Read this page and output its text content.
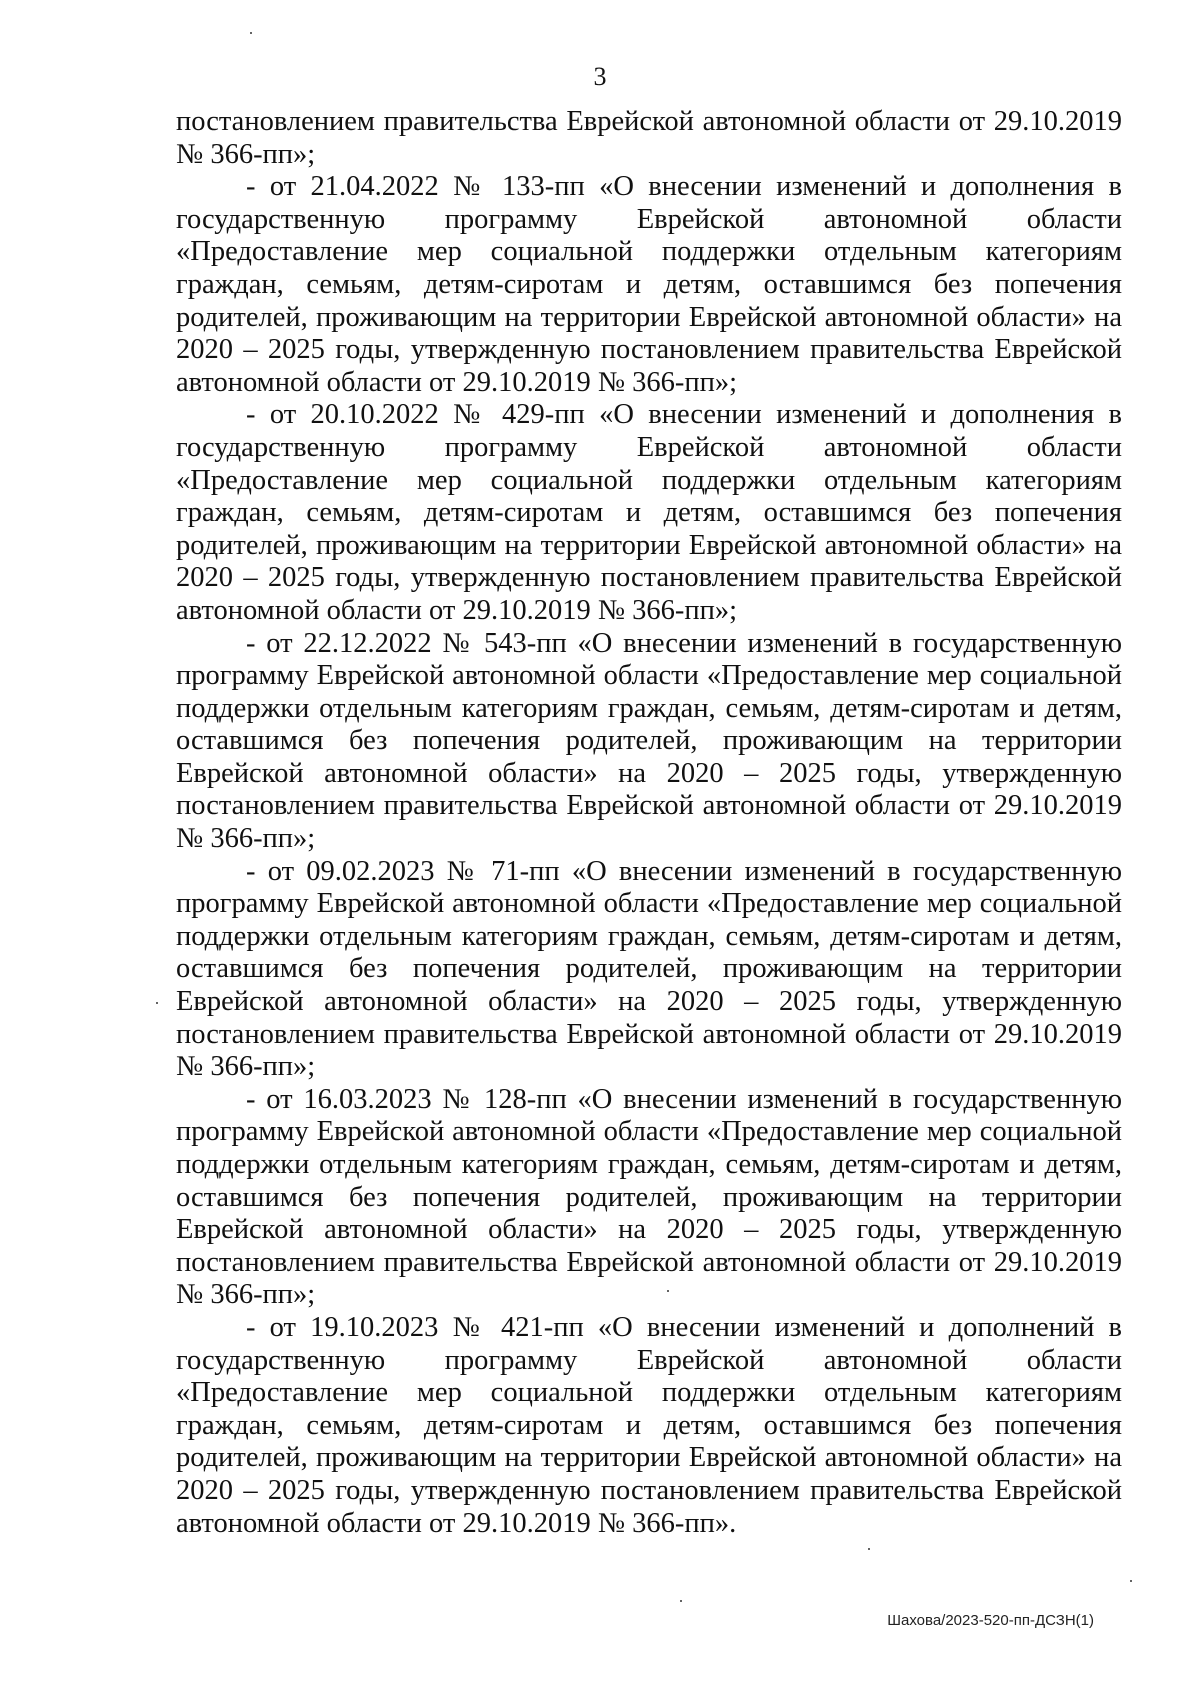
3

постановлением правительства Еврейской автономной области от 29.10.2019 № 366-пп»;

- от 21.04.2022 № 133-пп «О внесении изменений и дополнения в государственную программу Еврейской автономной области «Предоставление мер социальной поддержки отдельным категориям граждан, семьям, детям-сиротам и детям, оставшимся без попечения родителей, проживающим на территории Еврейской автономной области» на 2020 – 2025 годы, утвержденную постановлением правительства Еврейской автономной области от 29.10.2019 № 366-пп»;

- от 20.10.2022 № 429-пп «О внесении изменений и дополнения в государственную программу Еврейской автономной области «Предоставление мер социальной поддержки отдельным категориям граждан, семьям, детям-сиротам и детям, оставшимся без попечения родителей, проживающим на территории Еврейской автономной области» на 2020 – 2025 годы, утвержденную постановлением правительства Еврейской автономной области от 29.10.2019 № 366-пп»;

- от 22.12.2022 № 543-пп «О внесении изменений в государственную программу Еврейской автономной области «Предоставление мер социальной поддержки отдельным категориям граждан, семьям, детям-сиротам и детям, оставшимся без попечения родителей, проживающим на территории Еврейской автономной области» на 2020 – 2025 годы, утвержденную постановлением правительства Еврейской автономной области от 29.10.2019 № 366-пп»;

- от 09.02.2023 № 71-пп «О внесении изменений в государственную программу Еврейской автономной области «Предоставление мер социальной поддержки отдельным категориям граждан, семьям, детям-сиротам и детям, оставшимся без попечения родителей, проживающим на территории Еврейской автономной области» на 2020 – 2025 годы, утвержденную постановлением правительства Еврейской автономной области от 29.10.2019 № 366-пп»;

- от 16.03.2023 № 128-пп «О внесении изменений в государственную программу Еврейской автономной области «Предоставление мер социальной поддержки отдельным категориям граждан, семьям, детям-сиротам и детям, оставшимся без попечения родителей, проживающим на территории Еврейской автономной области» на 2020 – 2025 годы, утвержденную постановлением правительства Еврейской автономной области от 29.10.2019 № 366-пп»;

- от 19.10.2023 № 421-пп «О внесении изменений и дополнений в государственную программу Еврейской автономной области «Предоставление мер социальной поддержки отдельным категориям граждан, семьям, детям-сиротам и детям, оставшимся без попечения родителей, проживающим на территории Еврейской автономной области» на 2020 – 2025 годы, утвержденную постановлением правительства Еврейской автономной области от 29.10.2019 № 366-пп».

Шахова/2023-520-пп-ДСЗН(1)
